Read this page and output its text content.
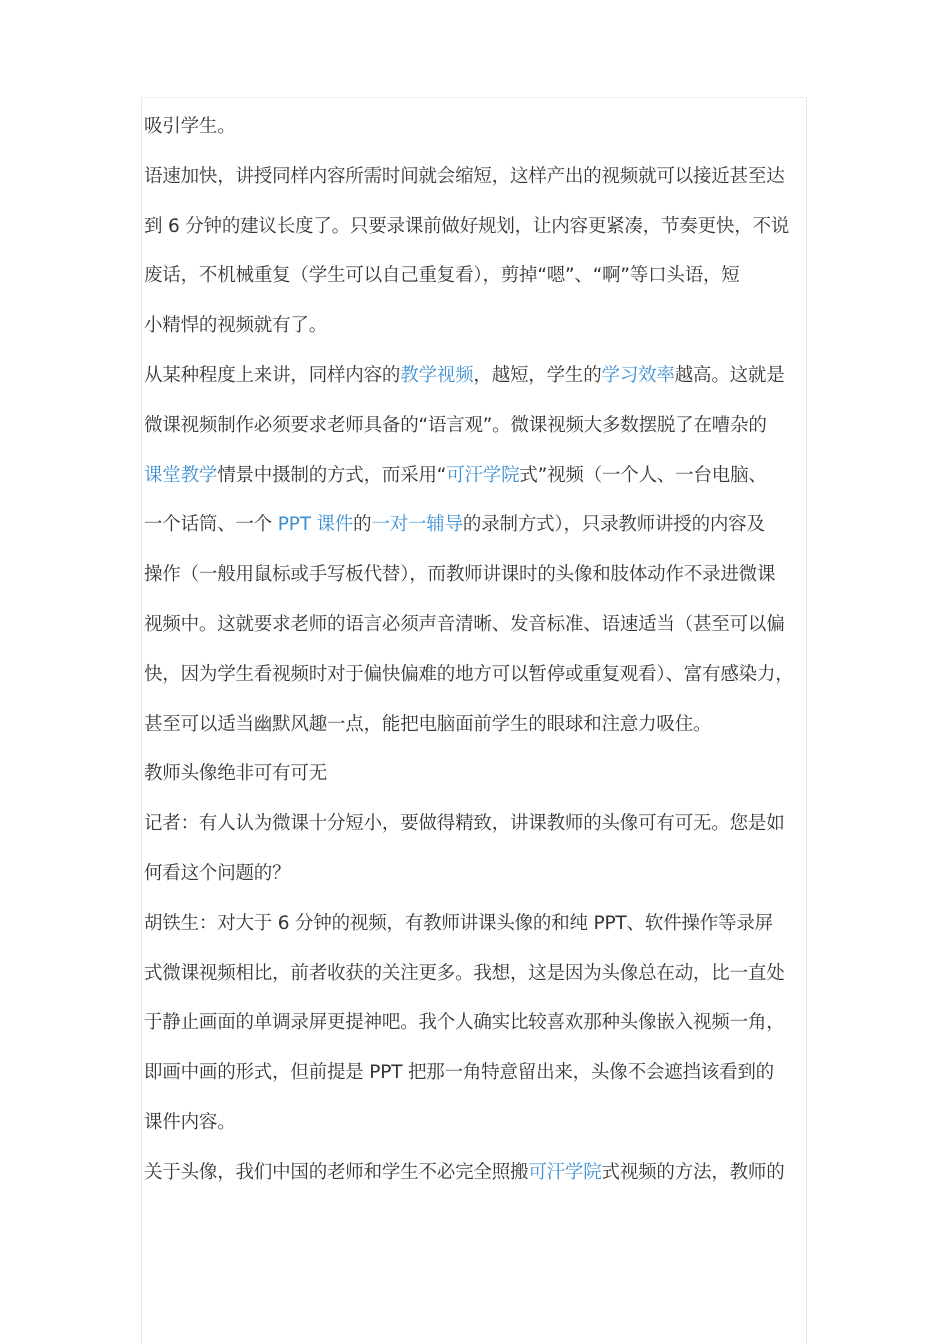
吸引学生。
语速加快，讲授同样内容所需时间就会缩短，这样产出的视频就可以接近甚至达
到 6 分钟的建议长度了。只要录课前做好规划，让内容更紧凑，节奏更快，不说
废话，不机械重复（学生可以自己重复看），剪掉“嗯”、“啊”等口头语，短
小精悍的视频就有了。
从某种程度上来讲，同样内容的教学视频，越短，学生的学习效率越高。这就是
微课视频制作必须要求老师具备的“语言观”。微课视频大多数摆脱了在嘈杂的
课堂教学情景中摄制的方式，而采用“可汗学院式”视频（一个人、一台电脑、
一个话筒、一个 PPT 课件的一对一辅导的录制方式），只录教师讲授的内容及
操作（一般用鼠标或手写板代替），而教师讲课时的头像和肢体动作不录进微课
视频中。这就要求老师的语言必须声音清晰、发音标准、语速适当（甚至可以偏
快，因为学生看视频时对于偏快偏难的地方可以暂停或重复观看）、富有感染力，
甚至可以适当幽默风趣一点，能把电脑面前学生的眼球和注意力吸住。
教师头像绝非可有可无
记者：有人认为微课十分短小，要做得精致，讲课教师的头像可有可无。您是如
何看这个问题的？
胡铁生：对大于 6 分钟的视频，有教师讲课头像的和纯 PPT、软件操作等录屏
式微课视频相比，前者收获的关注更多。我想，这是因为头像总在动，比一直处
于静止画面的单调录屏更提神吧。我个人确实比较喜欢那种头像嵌入视频一角，
即画中画的形式，但前提是 PPT 把那一角特意留出来，头像不会遮挡该看到的
课件内容。
关于头像，我们中国的老师和学生不必完全照搬可汗学院式视频的方法，教师的
